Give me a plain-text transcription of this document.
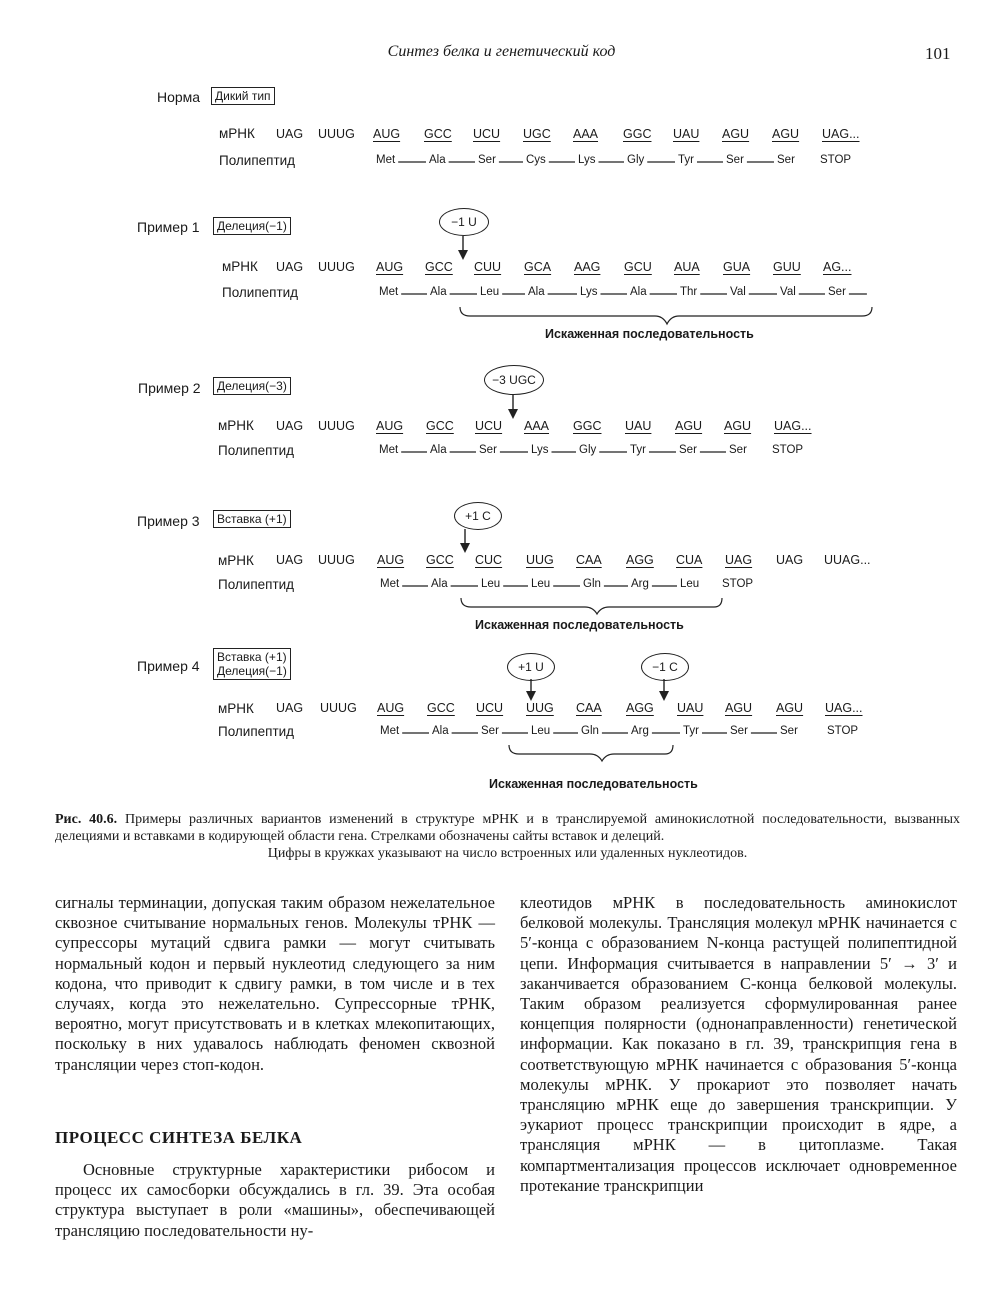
Синтез белка и генетический код	101
Норма	Дикий тип
мРНК UAG UUUG AUG GCC UCU UGC AAA GGC UAU AGU AGU UAG...
Полипептид	Met	Ala	Ser	Cys	Lys	Gly	Tyr	Ser	Ser STOP
Пример 1	Делеция(−1)	−1 U
мРНК UAG UUUG AUG GCC CUU GCA AAG GCU AUA GUA GUU AG...
Полипептид	Met	Ala	Leu	Ala	Lys	Ala	Thr	Val	Val	Ser
Искаженная последовательность
Пример 2	Делеция(−3)	−3 UGC
мРНК UAG UUUG AUG GCC UCU AAA GGC UAU AGU AGU UAG...
Полипептид	Met	Ala	Ser	Lys	Gly	Tyr	Ser	Ser STOP
Пример 3	Вставка (+1)	+1 C
мРНК UAG UUUG AUG GCC CUC UUG CAA AGG CUA UAG UAG UUAG...
Полипептид	Met	Ala	Leu	Leu	Gln	Arg	Leu STOP
Искаженная последовательность
Пример 4
Вставка (+1)
Делеция(−1)	+1 U	−1 C
мРНК UAG UUUG AUG GCC UCU UUG CAA AGG UAU AGU AGU UAG...
Полипептид	Met	Ala	Ser	Leu	Gln	Arg	Tyr	Ser	Ser	STOP
Искаженная последовательность
Рис. 40.6. Примеры различных вариантов изменений в структуре мРНК и в транслируемой аминокислотной последовательности, вызванных делециями и вставками в кодирующей области гена. Стрелками обозначены сайты вставок и делеций.
Цифры в кружках указывают на число встроенных или удаленных нуклеотидов.

сигналы терминации, допуская таким образом нежелательное сквозное считывание нормальных генов. Молекулы тРНК — супрессоры мутаций сдвига рамки — могут считывать нормальный кодон и первый нуклеотид следующего за ним кодона, что приводит к сдвигу рамки, в том числе и в тех случаях, когда это нежелательно. Супрессорные тРНК, вероятно, могут присутствовать и в клетках млекопитающих, поскольку в них удавалось наблюдать феномен сквозной трансляции через стоп-кодон.

ПРОЦЕСС СИНТЕЗА БЕЛКА

Основные структурные характеристики рибосом и процесс их самосборки обсуждались в гл. 39. Эта особая структура выступает в роли «машины», обеспечивающей трансляцию последовательности ну-

клеотидов мРНК в последовательность аминокислот белковой молекулы. Трансляция молекул мРНК начинается с 5′-конца с образованием N-конца растущей полипептидной цепи. Информация считывается в направлении 5′ → 3′ и заканчивается образованием С-конца белковой молекулы. Таким образом реализуется сформулированная ранее концепция полярности (однонаправленности) генетической информации. Как показано в гл. 39, транскрипция гена в соответствующую мРНК начинается с образования 5′-конца молекулы мРНК. У прокариот это позволяет начать трансляцию мРНК еще до завершения транскрипции. У эукариот процесс транскрипции происходит в ядре, а трансляция мРНК — в цитоплазме. Такая компартментализация процессов исключает одновременное протекание транскрипции
